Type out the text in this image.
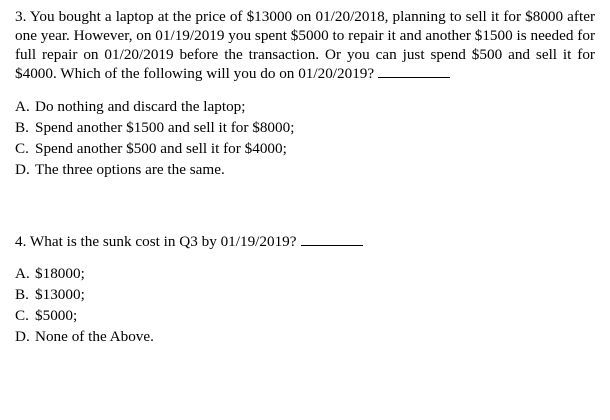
3. You bought a laptop at the price of $13000 on 01/20/2018, planning to sell it for $8000 after one year. However, on 01/19/2019 you spent $5000 to repair it and another $1500 is needed for full repair on 01/20/2019 before the transaction. Or you can just spend $500 and sell it for $4000. Which of the following will you do on 01/20/2019?

A. Do nothing and discard the laptop;
B. Spend another $1500 and sell it for $8000;
C. Spend another $500 and sell it for $4000;
D. The three options are the same.

4. What is the sunk cost in Q3 by 01/19/2019?

A. $18000;
B. $13000;
C. $5000;
D. None of the Above.
